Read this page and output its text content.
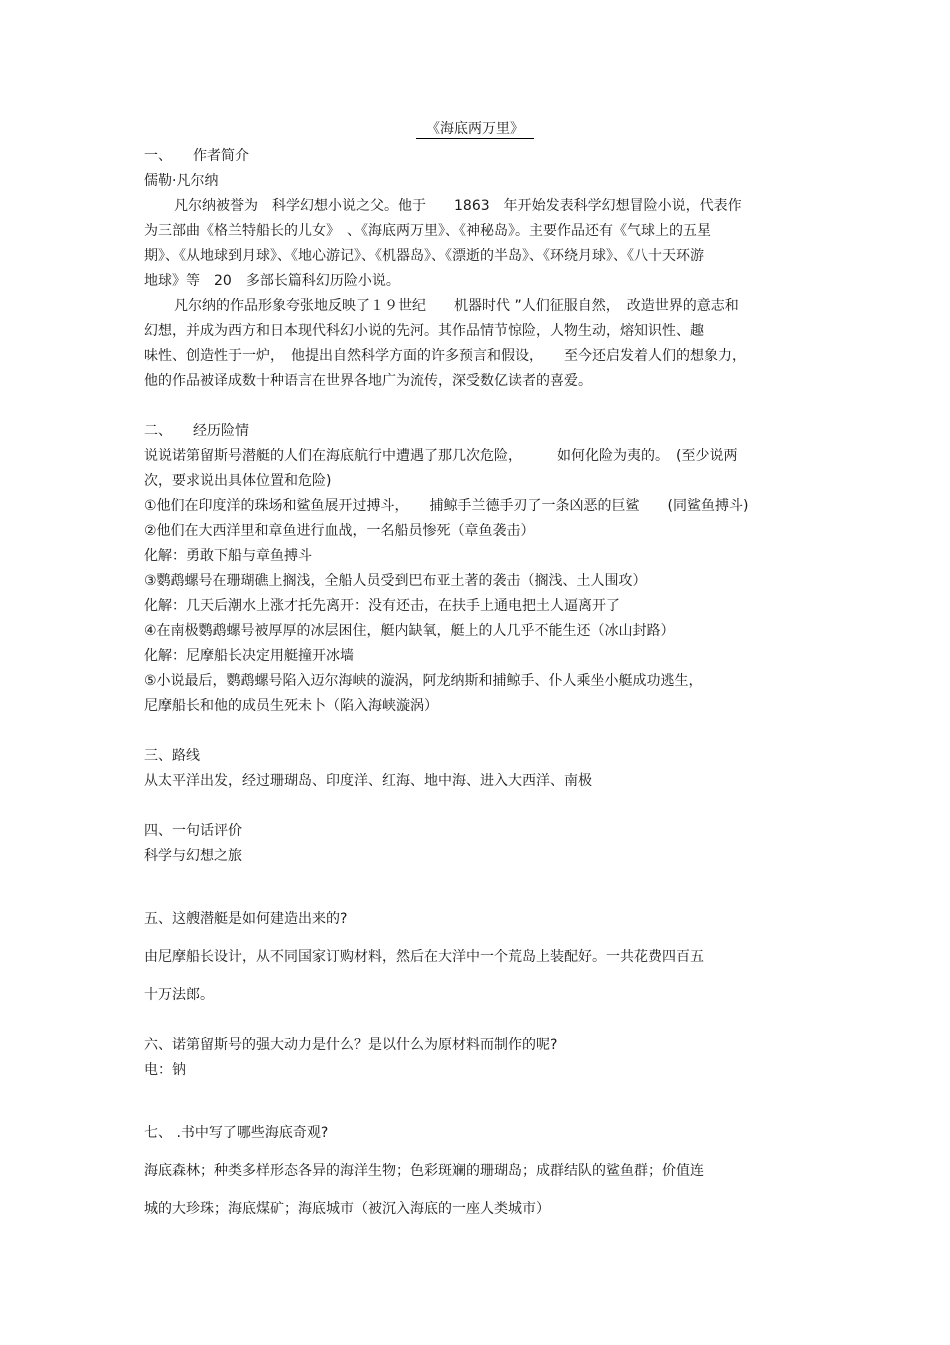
《海底两万里》

一、　　作者简介

儒勒·凡尔纳

凡尔纳被誉为　科学幻想小说之父。他于　　1863　年开始发表科学幻想冒险小说，代表作

为三部曲《格兰特船长的儿女》　、《海底两万里》、《神秘岛》。主要作品还有《气球上的五星

期》、《从地球到月球》、《地心游记》、《机器岛》、《漂逝的半岛》、《环绕月球》、《八十天环游

地球》等　20　多部长篇科幻历险小说。

凡尔纳的作品形象夸张地反映了１９世纪　　机器时代 ”人们征服自然，　改造世界的意志和

幻想，并成为西方和日本现代科幻小说的先河。其作品情节惊险，人物生动，熔知识性、趣

味性、创造性于一炉，　他提出自然科学方面的许多预言和假设，　　至今还启发着人们的想象力，

他的作品被译成数十种语言在世界各地广为流传，深受数亿读者的喜爱。

二、　　经历险情

说说诺第留斯号潜艇的人们在海底航行中遭遇了那几次危险，　　　如何化险为夷的。　(至少说两

次，要求说出具体位置和危险)

①他们在印度洋的珠场和鲨鱼展开过搏斗，　　捕鲸手兰德手刃了一条凶恶的巨鲨　　(同鲨鱼搏斗)

②他们在大西洋里和章鱼进行血战，一名船员惨死（章鱼袭击）

化解：勇敢下船与章鱼搏斗

③鹦鹉螺号在珊瑚礁上搁浅，全船人员受到巴布亚土著的袭击（搁浅、土人围攻）

化解：几天后潮水上涨才托先离开：没有还击，在扶手上通电把土人逼离开了

④在南极鹦鹉螺号被厚厚的冰层困住，艇内缺氧，艇上的人几乎不能生还（冰山封路）

化解：尼摩船长决定用艇撞开冰墙

⑤小说最后，鹦鹉螺号陷入迈尔海峡的漩涡，阿龙纳斯和捕鲸手、仆人乘坐小艇成功逃生，

尼摩船长和他的成员生死未卜（陷入海峡漩涡）

三、路线

从太平洋出发，经过珊瑚岛、印度洋、红海、地中海、进入大西洋、南极

四、一句话评价

科学与幻想之旅

五、这艘潜艇是如何建造出来的?

由尼摩船长设计，从不同国家订购材料，然后在大洋中一个荒岛上装配好。一共花费四百五

十万法郎。

六、诺第留斯号的强大动力是什么？是以什么为原材料而制作的呢?

电：钠

七、 .书中写了哪些海底奇观?

海底森林；种类多样形态各异的海洋生物；色彩斑斓的珊瑚岛；成群结队的鲨鱼群；价值连

城的大珍珠；海底煤矿；海底城市（被沉入海底的一座人类城市）
